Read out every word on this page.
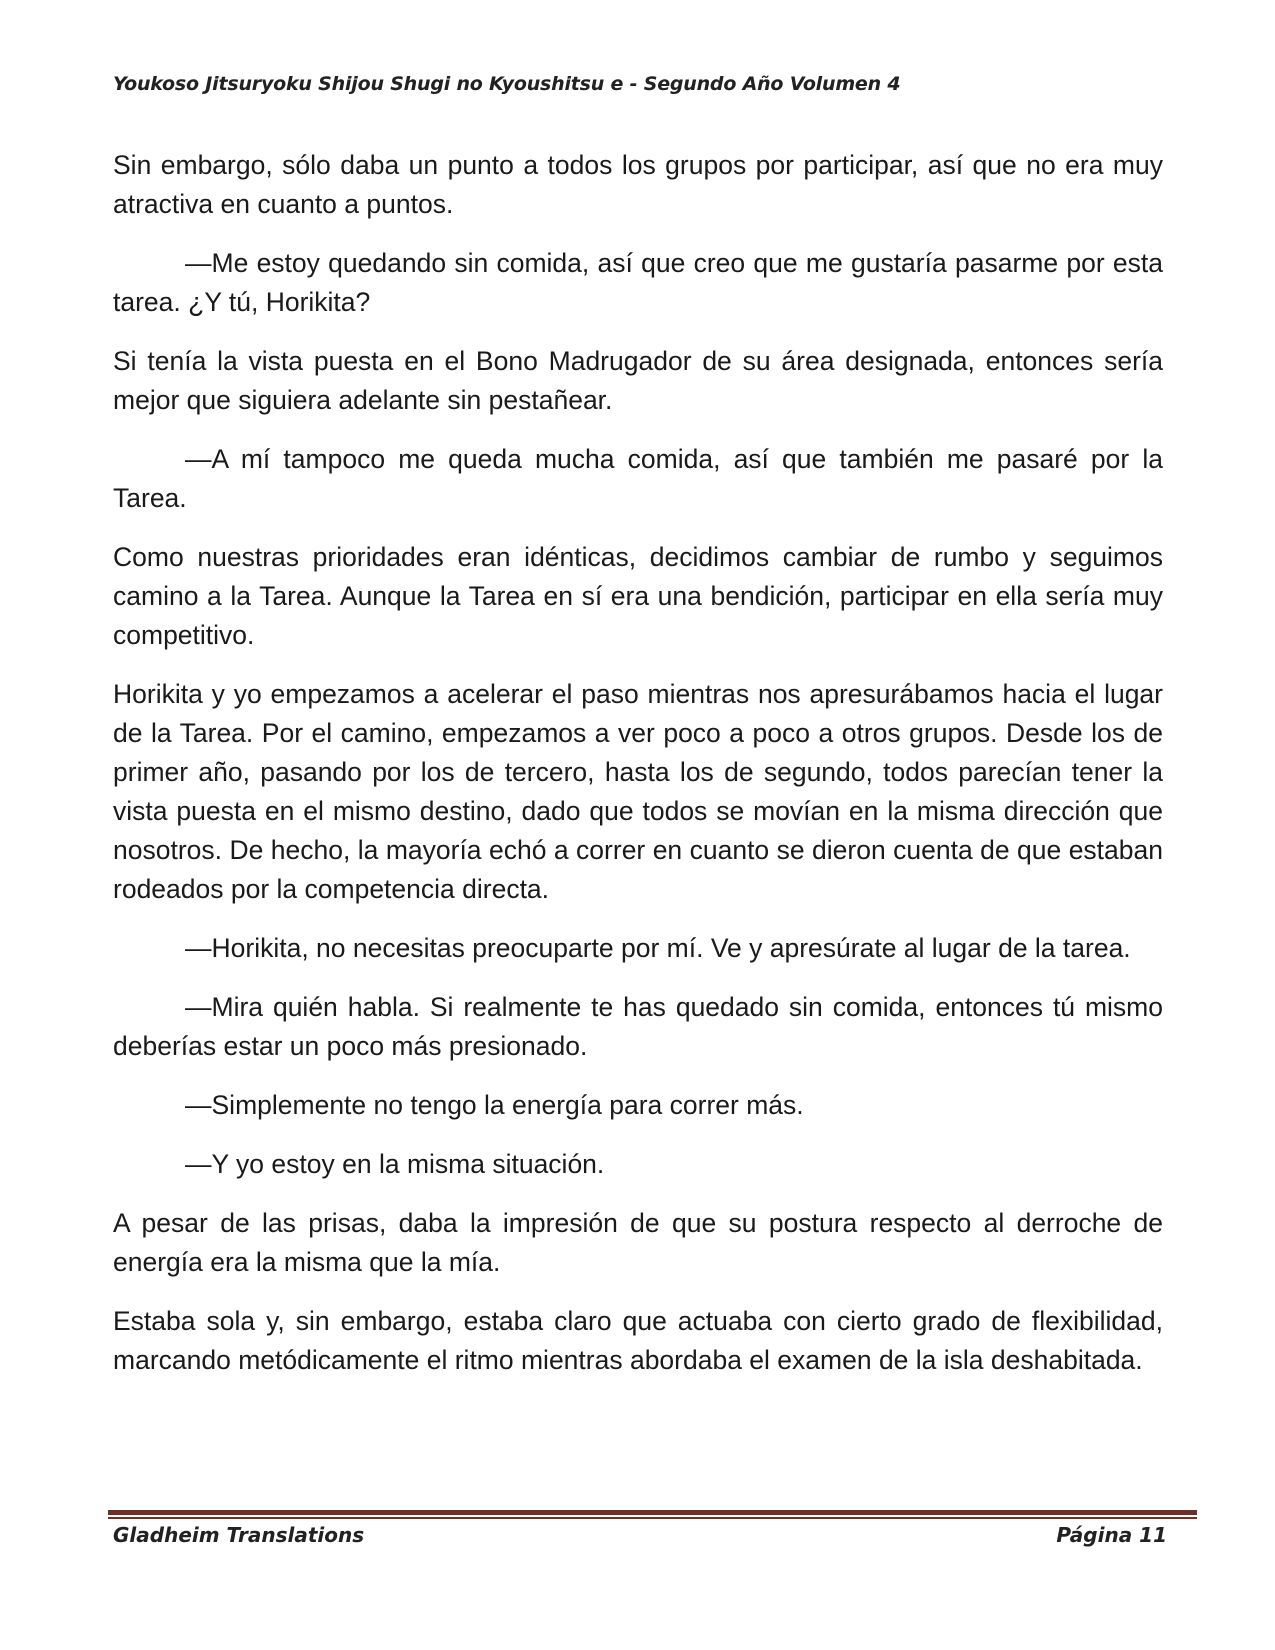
Youkoso Jitsuryoku Shijou Shugi no Kyoushitsu e - Segundo Año Volumen 4

Sin embargo, sólo daba un punto a todos los grupos por participar, así que no era muy atractiva en cuanto a puntos.

—Me estoy quedando sin comida, así que creo que me gustaría pasarme por esta tarea. ¿Y tú, Horikita?

Si tenía la vista puesta en el Bono Madrugador de su área designada, entonces sería mejor que siguiera adelante sin pestañear.

—A mí tampoco me queda mucha comida, así que también me pasaré por la Tarea.

Como nuestras prioridades eran idénticas, decidimos cambiar de rumbo y seguimos camino a la Tarea. Aunque la Tarea en sí era una bendición, participar en ella sería muy competitivo.

Horikita y yo empezamos a acelerar el paso mientras nos apresurábamos hacia el lugar de la Tarea. Por el camino, empezamos a ver poco a poco a otros grupos. Desde los de primer año, pasando por los de tercero, hasta los de segundo, todos parecían tener la vista puesta en el mismo destino, dado que todos se movían en la misma dirección que nosotros. De hecho, la mayoría echó a correr en cuanto se dieron cuenta de que estaban rodeados por la competencia directa.

—Horikita, no necesitas preocuparte por mí. Ve y apresúrate al lugar de la tarea.

—Mira quién habla. Si realmente te has quedado sin comida, entonces tú mismo deberías estar un poco más presionado.

—Simplemente no tengo la energía para correr más.

—Y yo estoy en la misma situación.

A pesar de las prisas, daba la impresión de que su postura respecto al derroche de energía era la misma que la mía.

Estaba sola y, sin embargo, estaba claro que actuaba con cierto grado de flexibilidad, marcando metódicamente el ritmo mientras abordaba el examen de la isla deshabitada.

Gladheim Translations	Página 11
